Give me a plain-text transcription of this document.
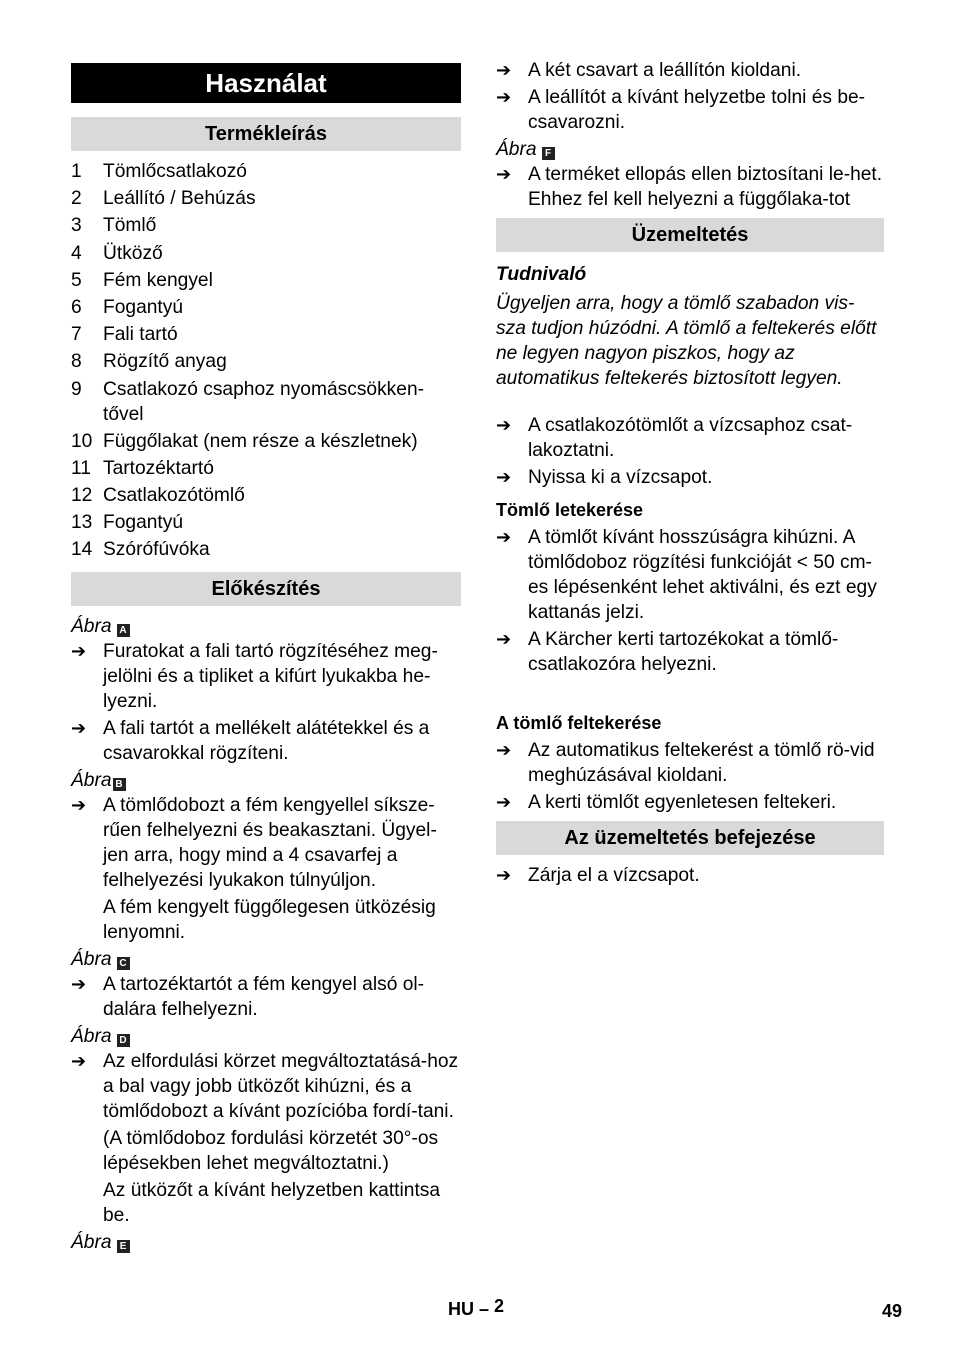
Használat
Termékleírás
1	Tömlőcsatlakozó
2	Leállító / Behúzás
3	Tömlő
4	Ütköző
5	Fém kengyel
6	Fogantyú
7	Fali tartó
8	Rögzítő anyag
9	Csatlakozó csaphoz nyomáscsökken-tővel
10 Függőlakat (nem része a készletnek)
11 Tartozéktartó
12 Csatlakozótömlő
13 Fogantyú
14 Szórófúvóka
Előkészítés
Ábra A
➔ Furatokat a fali tartó rögzítéséhez meg-jelölni és a tipliket a kifúrt lyukakba he-lyezni.
➔ A fali tartót a mellékelt alátétekkel és a csavarokkal rögzíteni.
Ábra B
➔ A tömlődobozt a fém kengyellel síksze-rűen felhelyezni és beakasztani. Ügyel-jen arra, hogy mind a 4 csavarfej a felhelyezési lyukakon túlnyúljon.
A fém kengyelt függőlegesen ütközésig lenyomni.
Ábra C
➔ A tartozéktartót a fém kengyel alsó ol-dalára felhelyezni.
Ábra D
➔ Az elfordulási körzet megváltoztatásá-hoz a bal vagy jobb ütközőt kihúzni, és a tömlődobozt a kívánt pozícióba fordí-tani.
(A tömlődoboz fordulási körzetét 30°-os lépésekben lehet megváltoztatni.)
Az ütközőt a kívánt helyzetben kattintsa be.
Ábra E
➔ A két csavart a leállítón kioldani.
➔ A leállítót a kívánt helyzetbe tolni és be-csavarozni.
Ábra F
➔ A terméket ellopás ellen biztosítani le-het. Ehhez fel kell helyezni a függőlaka-tot
Üzemeltetés
Tudnivaló
Ügyeljen arra, hogy a tömlő szabadon vis-sza tudjon húzódni. A tömlő a feltekerés előtt ne legyen nagyon piszkos, hogy az automatikus feltekerés biztosított legyen.
➔ A csatlakozótömlőt a vízcsaphoz csat-lakoztatni.
➔ Nyissa ki a vízcsapot.
Tömlő letekerése
➔ A tömlőt kívánt hosszúságra kihúzni. A tömlődoboz rögzítési funkcióját < 50 cm-es lépésenként lehet aktiválni, és ezt egy kattanás jelzi.
➔ A Kärcher kerti tartozékokat a tömlő-csatlakozóra helyezni.
A tömlő feltekerése
➔ Az automatikus feltekerést a tömlő rö-vid meghúzásával kioldani.
➔ A kerti tömlőt egyenletesen feltekeri.
Az üzemeltetés befejezése
➔ Zárja el a vízcsapot.
HU – 2	49
